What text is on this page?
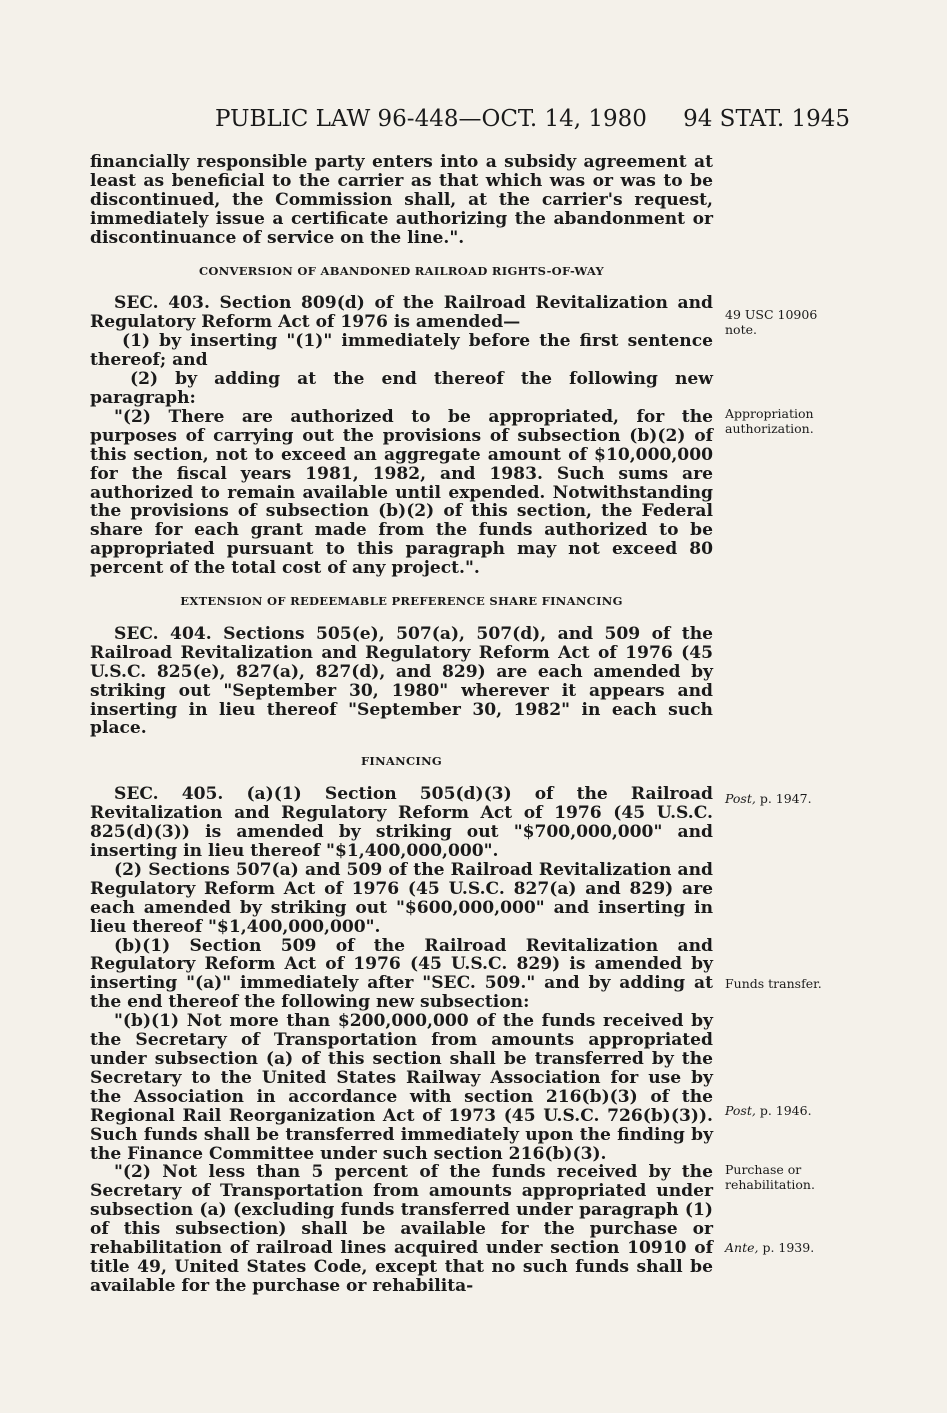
PUBLIC LAW 96-448—OCT. 14, 1980 94 STAT. 1945

financially responsible party enters into a subsidy agreement at least as beneficial to the carrier as that which was or was to be discontinued, the Commission shall, at the carrier's request, immediately issue a certificate authorizing the abandonment or discontinuance of service on the line.".

CONVERSION OF ABANDONED RAILROAD RIGHTS-OF-WAY

SEC. 403. Section 809(d) of the Railroad Revitalization and Regulatory Reform Act of 1976 is amended—

(1) by inserting "(1)" immediately before the first sentence thereof; and

(2) by adding at the end thereof the following new paragraph:

"(2) There are authorized to be appropriated, for the purposes of carrying out the provisions of subsection (b)(2) of this section, not to exceed an aggregate amount of $10,000,000 for the fiscal years 1981, 1982, and 1983. Such sums are authorized to remain available until expended. Notwithstanding the provisions of subsection (b)(2) of this section, the Federal share for each grant made from the funds authorized to be appropriated pursuant to this paragraph may not exceed 80 percent of the total cost of any project.".

EXTENSION OF REDEEMABLE PREFERENCE SHARE FINANCING

SEC. 404. Sections 505(e), 507(a), 507(d), and 509 of the Railroad Revitalization and Regulatory Reform Act of 1976 (45 U.S.C. 825(e), 827(a), 827(d), and 829) are each amended by striking out "September 30, 1980" wherever it appears and inserting in lieu thereof "September 30, 1982" in each such place.

FINANCING

SEC. 405. (a)(1) Section 505(d)(3) of the Railroad Revitalization and Regulatory Reform Act of 1976 (45 U.S.C. 825(d)(3)) is amended by striking out "$700,000,000" and inserting in lieu thereof "$1,400,000,000".

(2) Sections 507(a) and 509 of the Railroad Revitalization and Regulatory Reform Act of 1976 (45 U.S.C. 827(a) and 829) are each amended by striking out "$600,000,000" and inserting in lieu thereof "$1,400,000,000".

(b)(1) Section 509 of the Railroad Revitalization and Regulatory Reform Act of 1976 (45 U.S.C. 829) is amended by inserting "(a)" immediately after "SEC. 509." and by adding at the end thereof the following new subsection:

"(b)(1) Not more than $200,000,000 of the funds received by the Secretary of Transportation from amounts appropriated under subsection (a) of this section shall be transferred by the Secretary to the United States Railway Association for use by the Association in accordance with section 216(b)(3) of the Regional Rail Reorganization Act of 1973 (45 U.S.C. 726(b)(3)). Such funds shall be transferred immediately upon the finding by the Finance Committee under such section 216(b)(3).

"(2) Not less than 5 percent of the funds received by the Secretary of Transportation from amounts appropriated under subsection (a) (excluding funds transferred under paragraph (1) of this subsection) shall be available for the purchase or rehabilitation of railroad lines acquired under section 10910 of title 49, United States Code, except that no such funds shall be available for the purchase or rehabilita-

49 USC 10906 note.
Appropriation authorization.
Post, p. 1947.
Funds transfer.
Post, p. 1946.
Purchase or rehabilitation.
Ante, p. 1939.
